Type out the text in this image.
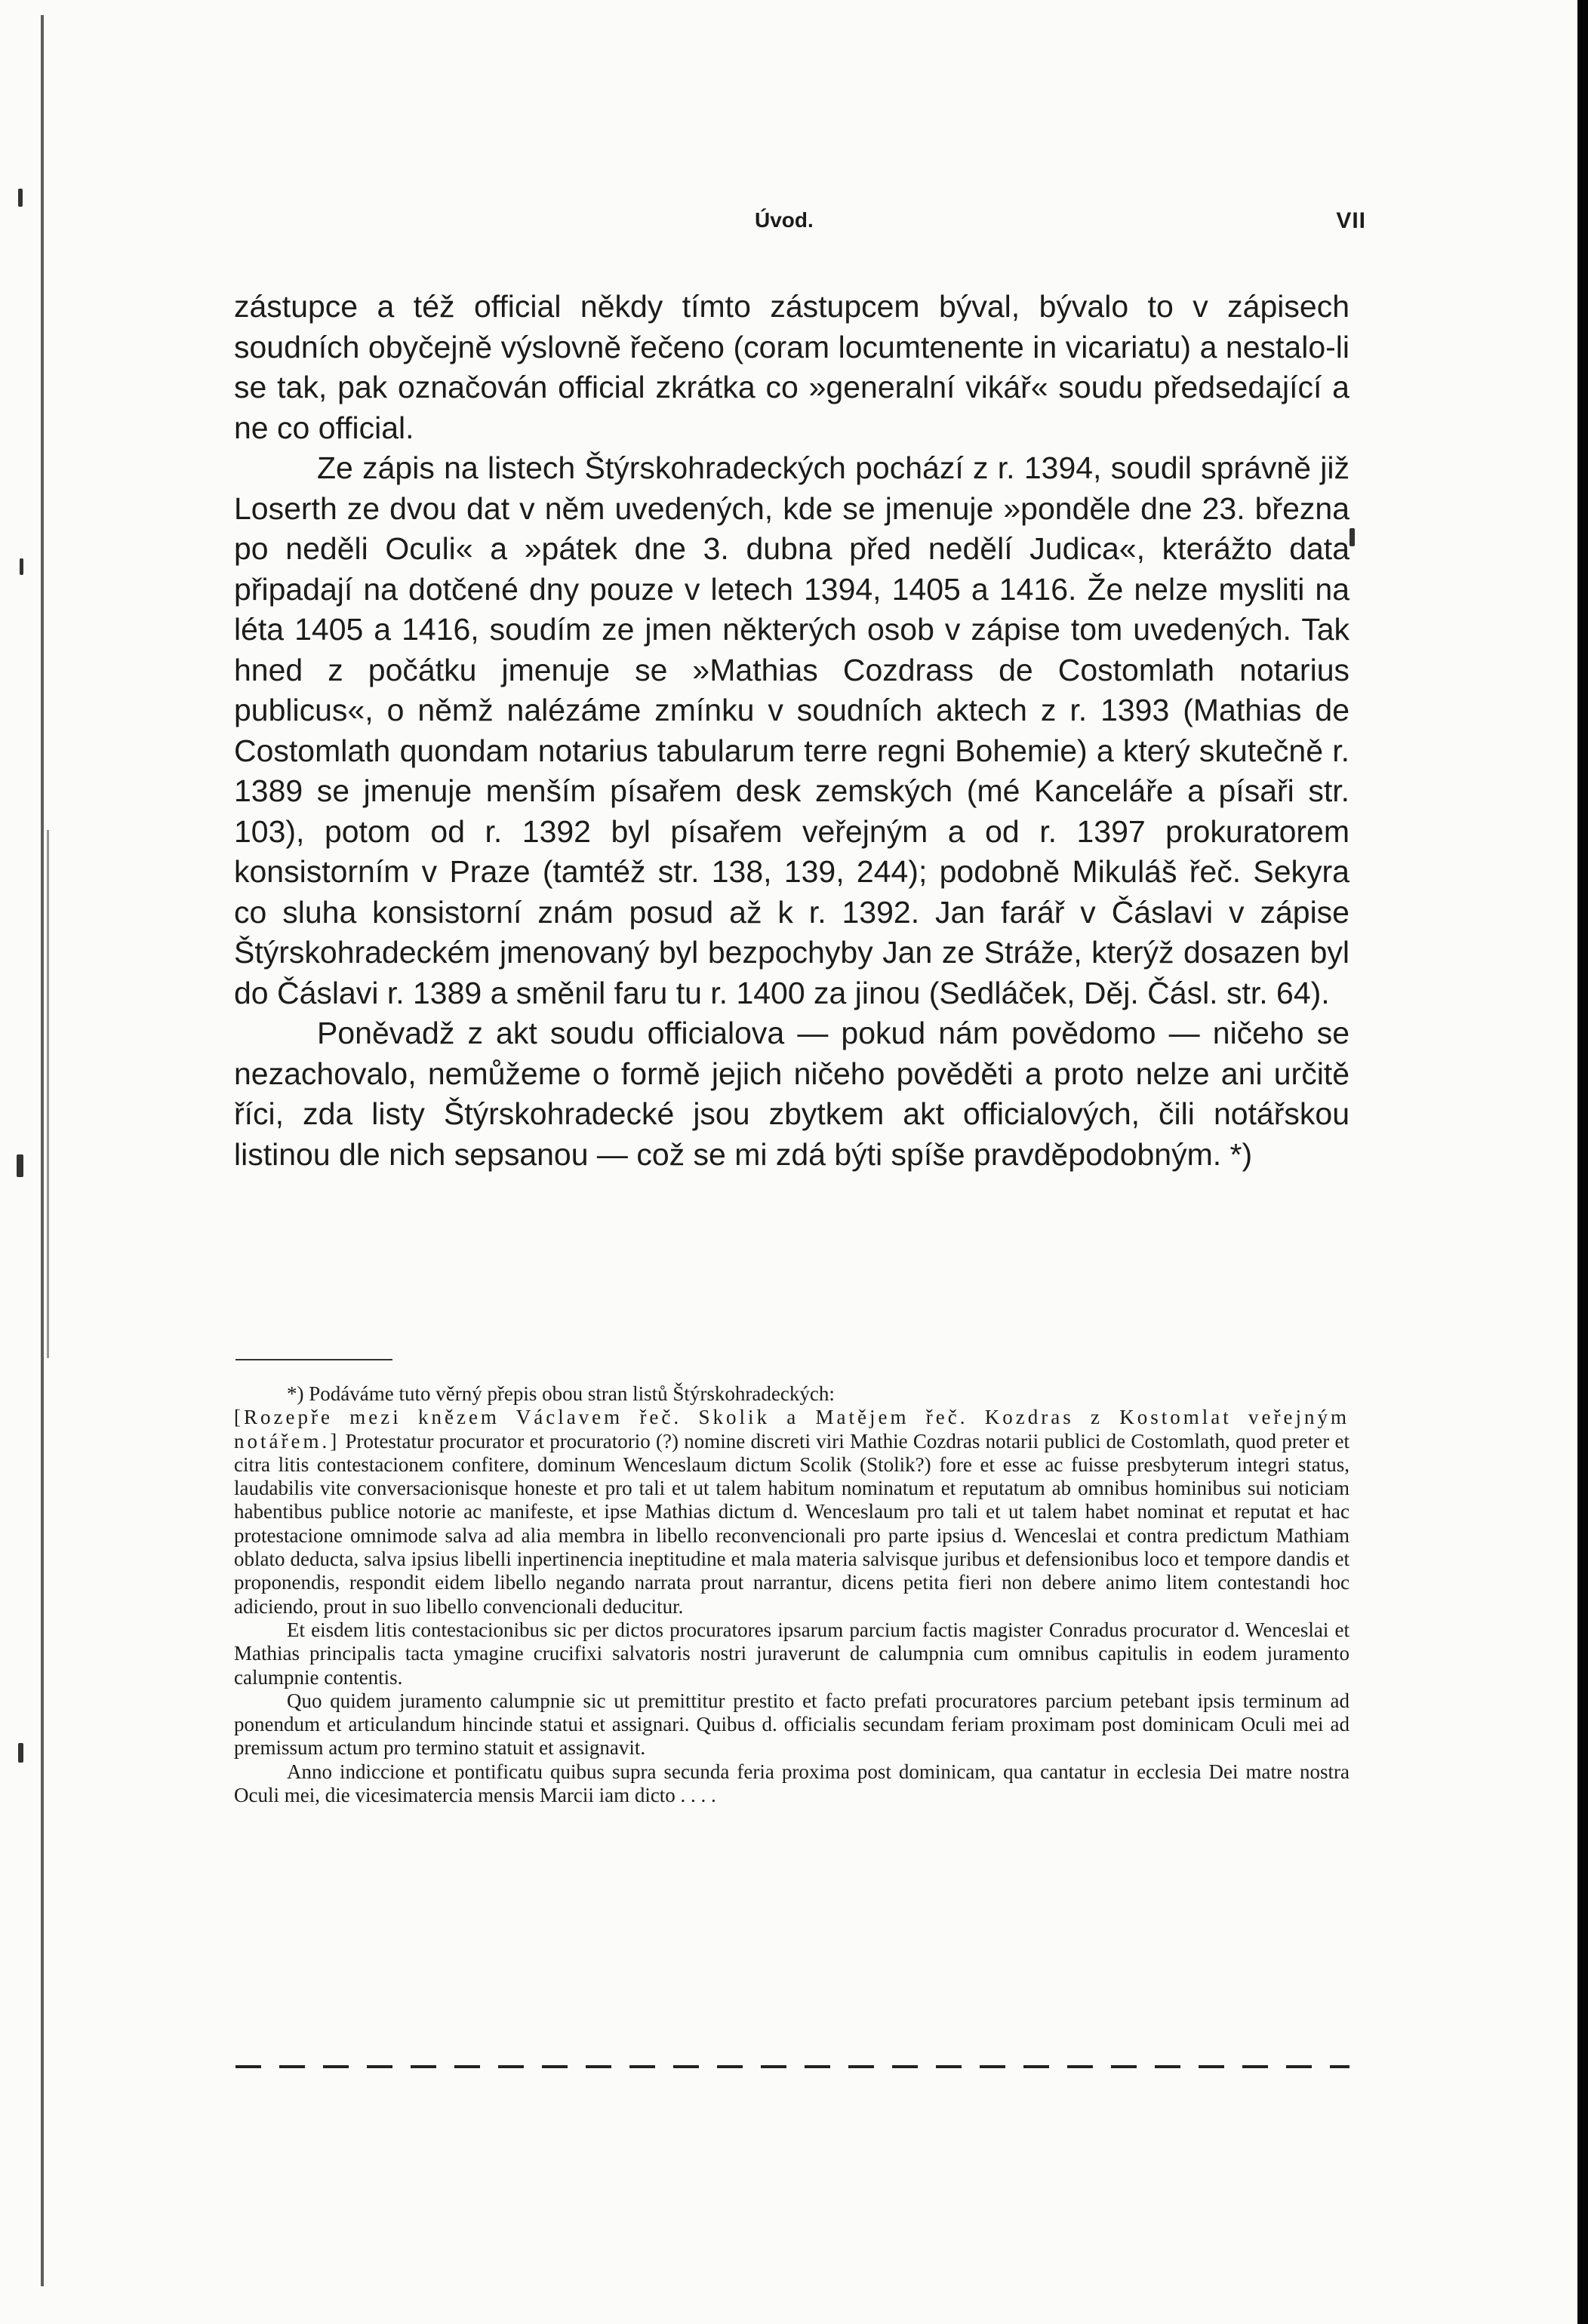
Úvod.	VII

zástupce a též official někdy tímto zástupcem býval, bývalo to v zápisech soudních obyčejně výslovně řečeno (coram locumtenente in vicariatu) a nestalo-li se tak, pak označován official zkrátka co »generalní vikář« soudu předsedající a ne co official.

Ze zápis na listech Štýrskohradeckých pochází z r. 1394, soudil správně již Loserth ze dvou dat v něm uvedených, kde se jmenuje »ponděle dne 23. března po neděli Oculi« a »pátek dne 3. dubna před nedělí Judica«, kterážto data připadají na dotčené dny pouze v letech 1394, 1405 a 1416. Že nelze mysliti na léta 1405 a 1416, soudím ze jmen některých osob v zápise tom uvedených. Tak hned z počátku jmenuje se »Mathias Cozdrass de Costomlath notarius publicus«, o němž nalézáme zmínku v soudních aktech z r. 1393 (Mathias de Costomlath quondam notarius tabularum terre regni Bohemie) a který skutečně r. 1389 se jmenuje menším písařem desk zemských (mé Kanceláře a písaři str. 103), potom od r. 1392 byl písařem veřejným a od r. 1397 prokuratorem konsistorním v Praze (tamtéž str. 138, 139, 244); podobně Mikuláš řeč. Sekyra co sluha konsistorní znám posud až k r. 1392. Jan farář v Čáslavi v zápise Štýrskohradeckém jmenovaný byl bezpochyby Jan ze Stráže, kterýž dosazen byl do Čáslavi r. 1389 a směnil faru tu r. 1400 za jinou (Sedláček, Děj. Čásl. str. 64).

Poněvadž z akt soudu officialova — pokud nám povědomo — ničeho se nezachovalo, nemůžeme o formě jejich ničeho pověděti a proto nelze ani určitě říci, zda listy Štýrskohradecké jsou zbytkem akt officialových, čili notářskou listinou dle nich sepsanou — což se mi zdá býti spíše pravděpodobným. *)

*) Podáváme tuto věrný přepis obou stran listů Štýrskohradeckých:

[Rozepře mezi knězem Václavem řeč. Skolik a Matějem řeč. Kozdras z Kostomlat veřejným notářem.] Protestatur procurator et procuratorio (?) nomine discreti viri Mathie Cozdras notarii publici de Costomlath, quod preter et citra litis contestacionem confitere, dominum Wenceslaum dictum Scolik (Stolik?) fore et esse ac fuisse presbyterum integri status, laudabilis vite conversacionisque honeste et pro tali et ut talem habitum nominatum et reputatum ab omnibus hominibus sui noticiam habentibus publice notorie ac manifeste, et ipse Mathias dictum d. Wenceslaum pro tali et ut talem habet nominat et reputat et hac protestacione omnimode salva ad alia membra in libello reconvencionali pro parte ipsius d. Wenceslai et contra predictum Mathiam oblato deducta, salva ipsius libelli inpertinencia ineptitudine et mala materia salvisque juribus et defensionibus loco et tempore dandis et proponendis, respondit eidem libello negando narrata prout narrantur, dicens petita fieri non debere animo litem contestandi hoc adiciendo, prout in suo libello convencionali deducitur.

Et eisdem litis contestacionibus sic per dictos procuratores ipsarum parcium factis magister Conradus procurator d. Wenceslai et Mathias principalis tacta ymagine crucifixi salvatoris nostri juraverunt de calumpnia cum omnibus capitulis in eodem juramento calumpnie contentis.

Quo quidem juramento calumpnie sic ut premittitur prestito et facto prefati procuratores parcium petebant ipsis terminum ad ponendum et articulandum hincinde statui et assignari. Quibus d. officialis secundam feriam proximam post dominicam Oculi mei ad premissum actum pro termino statuit et assignavit.

Anno indiccione et pontificatu quibus supra secunda feria proxima post dominicam, qua cantatur in ecclesia Dei matre nostra Oculi mei, die vicesimatercia mensis Marcii iam dicto . . . .
